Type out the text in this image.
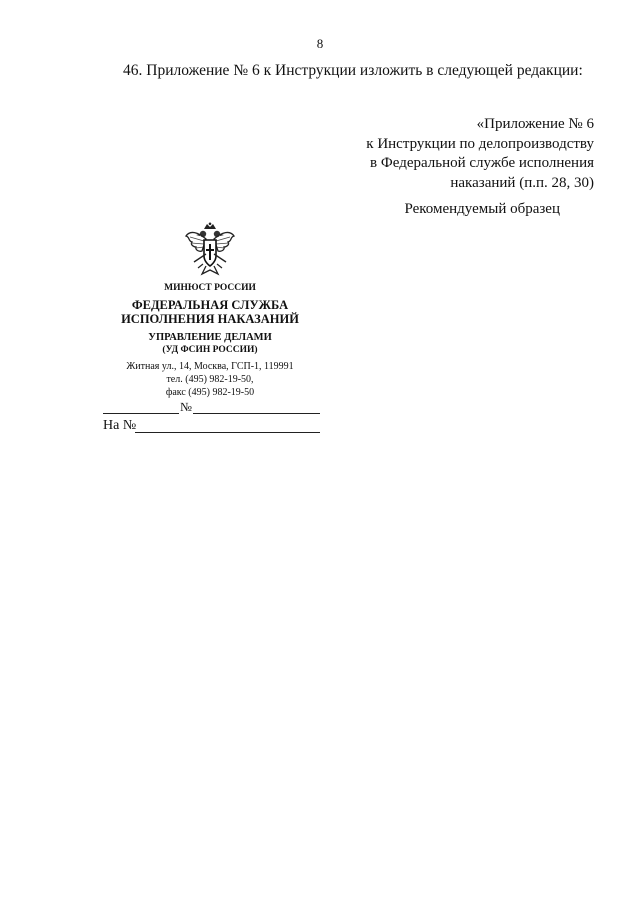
8
46. Приложение № 6 к Инструкции изложить в следующей редакции:
«Приложение № 6
к Инструкции по делопроизводству
в Федеральной службе исполнения
наказаний (п.п. 28, 30)
Рекомендуемый образец
МИНЮСТ РОССИИ
ФЕДЕРАЛЬНАЯ СЛУЖБА
ИСПОЛНЕНИЯ НАКАЗАНИЙ
УПРАВЛЕНИЕ ДЕЛАМИ
(УД ФСИН РОССИИ)
Житная ул., 14, Москва, ГСП-1, 119991
тел. (495) 982-19-50,
факс (495) 982-19-50
№
На №
